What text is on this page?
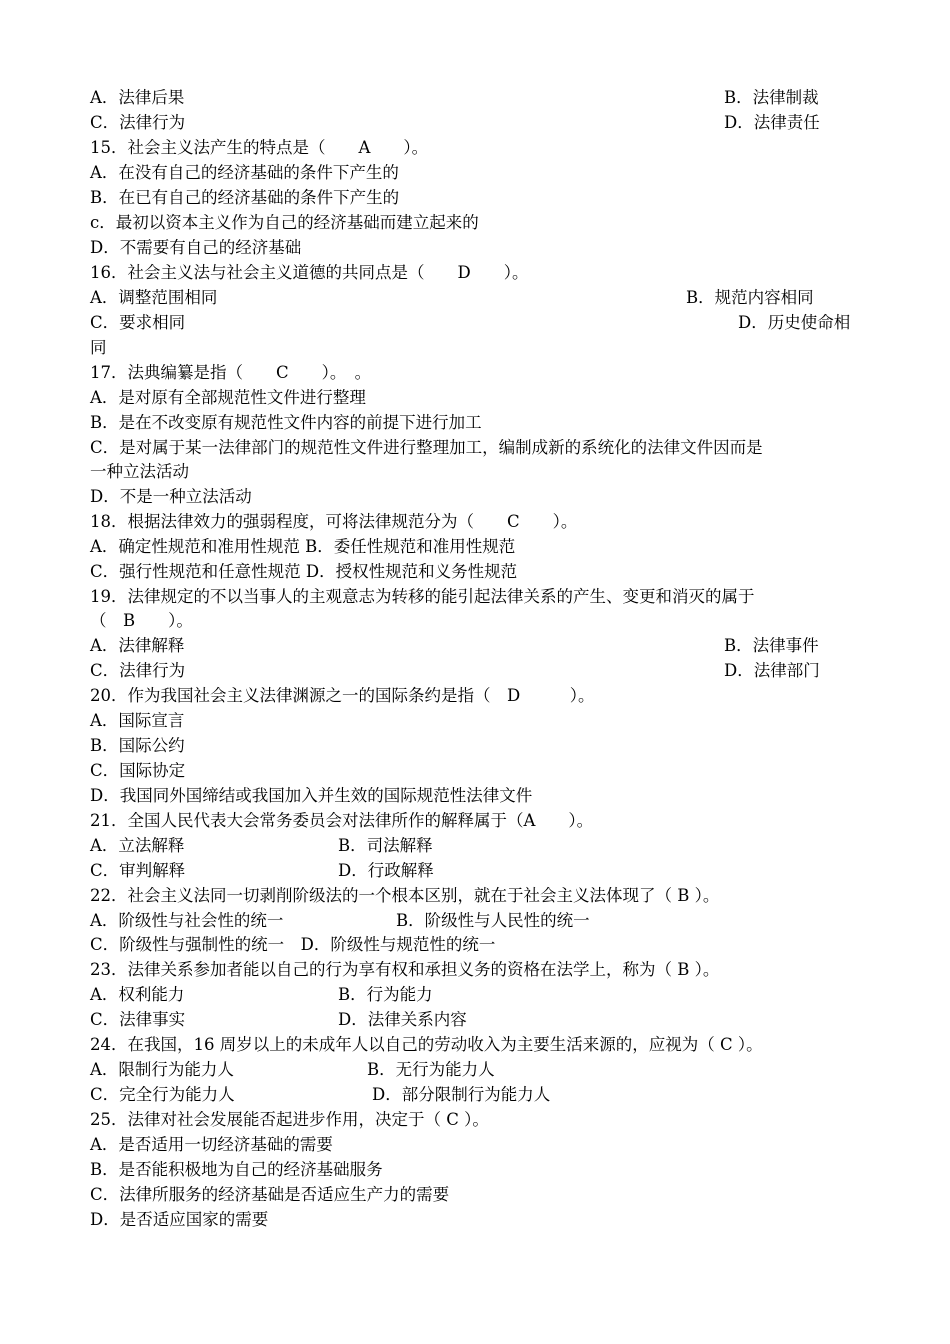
A．法律后果	B．法律制裁
C．法律行为	D．法律责任
15．社会主义法产生的特点是（　　A　　）。
A．在没有自己的经济基础的条件下产生的
B．在已有自己的经济基础的条件下产生的
c．最初以资本主义作为自己的经济基础而建立起来的
D．不需要有自己的经济基础
16．社会主义法与社会主义道德的共同点是（　　D　　）。
A．调整范围相同	B．规范内容相同
C．要求相同	D．历史使命相
同
17．法典编纂是指（　　C　　）。　。
A．是对原有全部规范性文件进行整理
B．是在不改变原有规范性文件内容的前提下进行加工
C．是对属于某一法律部门的规范性文件进行整理加工，编制成新的系统化的法律文件因而是
一种立法活动
D．不是一种立法活动
18．根据法律效力的强弱程度，可将法律规范分为（　　C　　）。
A．确定性规范和准用性规范 B．委任性规范和准用性规范
C．强行性规范和任意性规范 D．授权性规范和义务性规范
19．法律规定的不以当事人的主观意志为转移的能引起法律关系的产生、变更和消灭的属于
（　B　　）。
A．法律解释	B．法律事件
C．法律行为	D．法律部门
20．作为我国社会主义法律渊源之一的国际条约是指（　D　　　）。
A．国际宣言
B．国际公约
C．国际协定
D．我国同外国缔结或我国加入并生效的国际规范性法律文件
21．全国人民代表大会常务委员会对法律所作的解释属于（A　　）。
A．立法解释	B．司法解释
C．审判解释	D．行政解释
22．社会主义法同一切剥削阶级法的一个根本区别，就在于社会主义法体现了（ B ）。
A．阶级性与社会性的统一	B．阶级性与人民性的统一
C．阶级性与强制性的统一　D．阶级性与规范性的统一
23．法律关系参加者能以自己的行为享有权和承担义务的资格在法学上，称为（ B ）。
A．权利能力	B．行为能力
C．法律事实	D．法律关系内容
24．在我国，16 周岁以上的未成年人以自己的劳动收入为主要生活来源的，应视为（ C ）。
A．限制行为能力人	B．无行为能力人
C．完全行为能力人	D．部分限制行为能力人
25．法律对社会发展能否起进步作用，决定于（ C ）。
A．是否适用一切经济基础的需要
B．是否能积极地为自己的经济基础服务
C．法律所服务的经济基础是否适应生产力的需要
D．是否适应国家的需要
